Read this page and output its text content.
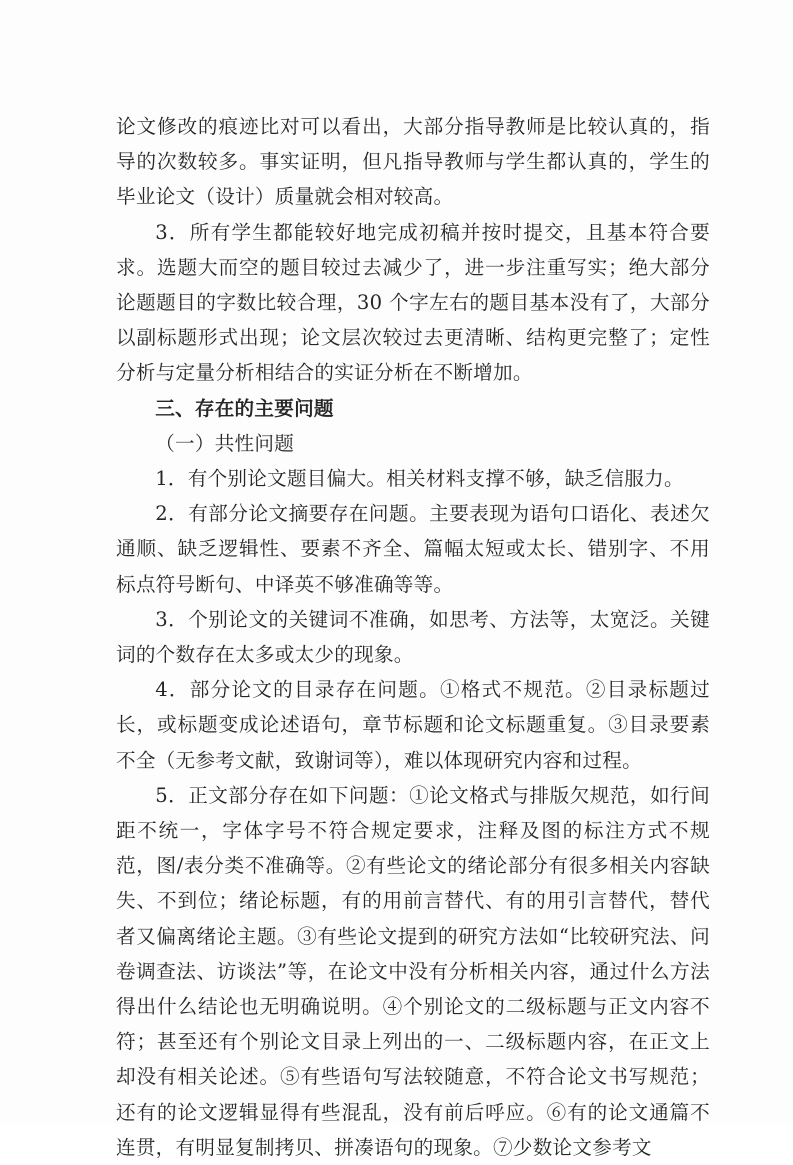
论文修改的痕迹比对可以看出，大部分指导教师是比较认真的，指导的次数较多。事实证明，但凡指导教师与学生都认真的，学生的毕业论文（设计）质量就会相对较高。

3．所有学生都能较好地完成初稿并按时提交，且基本符合要求。选题大而空的题目较过去减少了，进一步注重写实；绝大部分论题题目的字数比较合理，30 个字左右的题目基本没有了，大部分以副标题形式出现；论文层次较过去更清晰、结构更完整了；定性分析与定量分析相结合的实证分析在不断增加。

三、存在的主要问题

（一）共性问题

1．有个别论文题目偏大。相关材料支撑不够，缺乏信服力。

2．有部分论文摘要存在问题。主要表现为语句口语化、表述欠通顺、缺乏逻辑性、要素不齐全、篇幅太短或太长、错别字、不用标点符号断句、中译英不够准确等等。

3．个别论文的关键词不准确，如思考、方法等，太宽泛。关键词的个数存在太多或太少的现象。

4．部分论文的目录存在问题。①格式不规范。②目录标题过长，或标题变成论述语句，章节标题和论文标题重复。③目录要素不全（无参考文献，致谢词等），难以体现研究内容和过程。

5．正文部分存在如下问题：①论文格式与排版欠规范，如行间距不统一，字体字号不符合规定要求，注释及图的标注方式不规范，图/表分类不准确等。②有些论文的绪论部分有很多相关内容缺失、不到位；绪论标题，有的用前言替代、有的用引言替代，替代者又偏离绪论主题。③有些论文提到的研究方法如“比较研究法、问卷调查法、访谈法”等，在论文中没有分析相关内容，通过什么方法得出什么结论也无明确说明。④个别论文的二级标题与正文内容不符；甚至还有个别论文目录上列出的一、二级标题内容，在正文上却没有相关论述。⑤有些语句写法较随意，不符合论文书写规范；还有的论文逻辑显得有些混乱，没有前后呼应。⑥有的论文通篇不连贯，有明显复制拷贝、拼凑语句的现象。⑦少数论文参考文
